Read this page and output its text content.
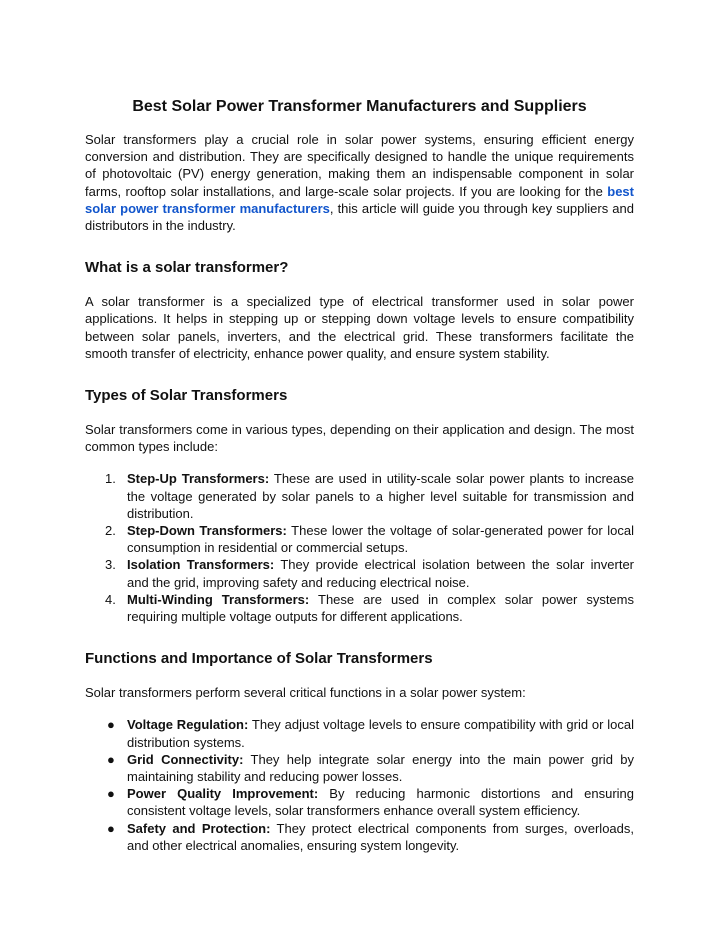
Best Solar Power Transformer Manufacturers and Suppliers

Solar transformers play a crucial role in solar power systems, ensuring efficient energy conversion and distribution. They are specifically designed to handle the unique requirements of photovoltaic (PV) energy generation, making them an indispensable component in solar farms, rooftop solar installations, and large-scale solar projects. If you are looking for the best solar power transformer manufacturers, this article will guide you through key suppliers and distributors in the industry.

What is a solar transformer?

A solar transformer is a specialized type of electrical transformer used in solar power applications. It helps in stepping up or stepping down voltage levels to ensure compatibility between solar panels, inverters, and the electrical grid. These transformers facilitate the smooth transfer of electricity, enhance power quality, and ensure system stability.

Types of Solar Transformers

Solar transformers come in various types, depending on their application and design. The most common types include:

1. Step-Up Transformers: These are used in utility-scale solar power plants to increase the voltage generated by solar panels to a higher level suitable for transmission and distribution.
2. Step-Down Transformers: These lower the voltage of solar-generated power for local consumption in residential or commercial setups.
3. Isolation Transformers: They provide electrical isolation between the solar inverter and the grid, improving safety and reducing electrical noise.
4. Multi-Winding Transformers: These are used in complex solar power systems requiring multiple voltage outputs for different applications.
Functions and Importance of Solar Transformers

Solar transformers perform several critical functions in a solar power system:

● Voltage Regulation: They adjust voltage levels to ensure compatibility with grid or local distribution systems.
● Grid Connectivity: They help integrate solar energy into the main power grid by maintaining stability and reducing power losses.
● Power Quality Improvement: By reducing harmonic distortions and ensuring consistent voltage levels, solar transformers enhance overall system efficiency.
● Safety and Protection: They protect electrical components from surges, overloads, and other electrical anomalies, ensuring system longevity.
